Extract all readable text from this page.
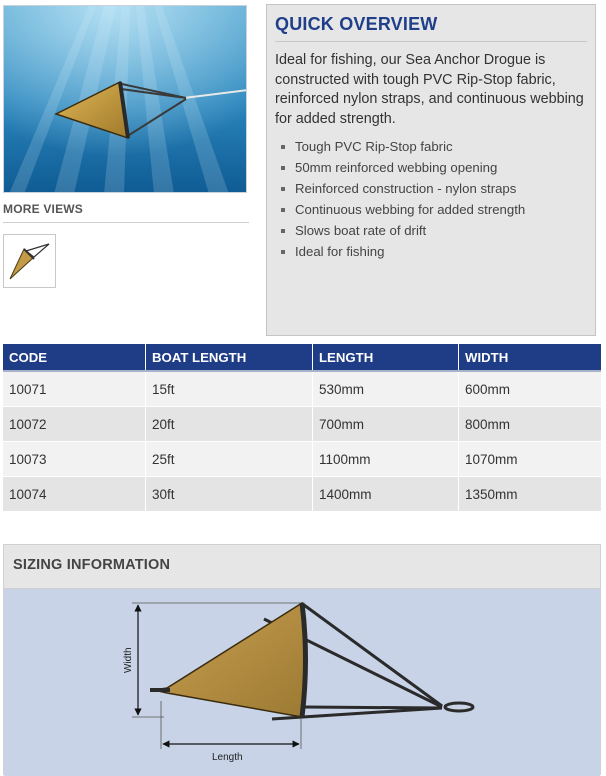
MORE VIEWS
QUICK OVERVIEW
Ideal for fishing, our Sea Anchor Drogue is constructed with tough PVC Rip-Stop fabric, reinforced nylon straps, and continuous webbing for added strength.
Tough PVC Rip-Stop fabric
50mm reinforced webbing opening
Reinforced construction - nylon straps
Continuous webbing for added strength
Slows boat rate of drift
Ideal for fishing
CODE	BOAT LENGTH	LENGTH	WIDTH
10071	15ft	530mm	600mm
10072	20ft	700mm	800mm
10073	25ft	1100mm	1070mm
10074	30ft	1400mm	1350mm
SIZING INFORMATION
Width
Length
